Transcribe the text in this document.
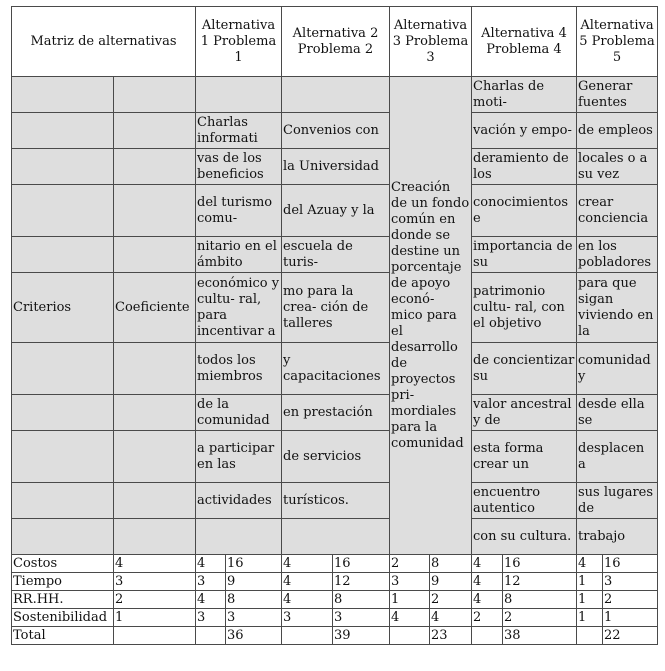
Matriz de alternativas		Alternativa 1 Problema 1		Alternativa 2 Problema 2		Alternativa 3 Problema 3		Alternativa 4 Problema 4		Alternativa 5 Problema 5	
						Creación de un fondo común en donde se destine un porcentaje de apoyo econó- mico para el desarrollo de proyectos pri- mordiales para la comunidad		Charlas de moti-		Generar fuentes	
		Charlas informati		Convenios con				vación y empo-		de empleos	
		vas de los beneficios		la Universidad				deramiento de los		locales o a su vez	
		del turismo comu-		del Azuay y la				conocimientos e		crear conciencia	
		nitario en el ámbito		escuela de turis-				importancia de su		en los pobladores	
Criterios	Coeficiente	económico y cultu- ral, para incentivar a		mo para la crea- ción de talleres				patrimonio cultu- ral, con el objetivo		para que sigan viviendo en la	
		todos los miembros		y capacitaciones				de concientizar su		comunidad y	
		de la comunidad		en prestación				valor ancestral y de		desde ella se	
		a participar en las		de servicios				esta forma crear un		desplacen a	
		actividades		turísticos.				encuentro autentico		sus lugares de	
								con su cultura.		trabajo	
Costos	4	4	16	4	16	2	8	4	16	4	16
Tiempo	3	3	9	4	12	3	9	4	12	1	3
RR.HH.	2	4	8	4	8	1	2	4	8	1	2
Sostenibilidad	1	3	3	3	3	4	4	2	2	1	1
Total			36		39		23		38		22
